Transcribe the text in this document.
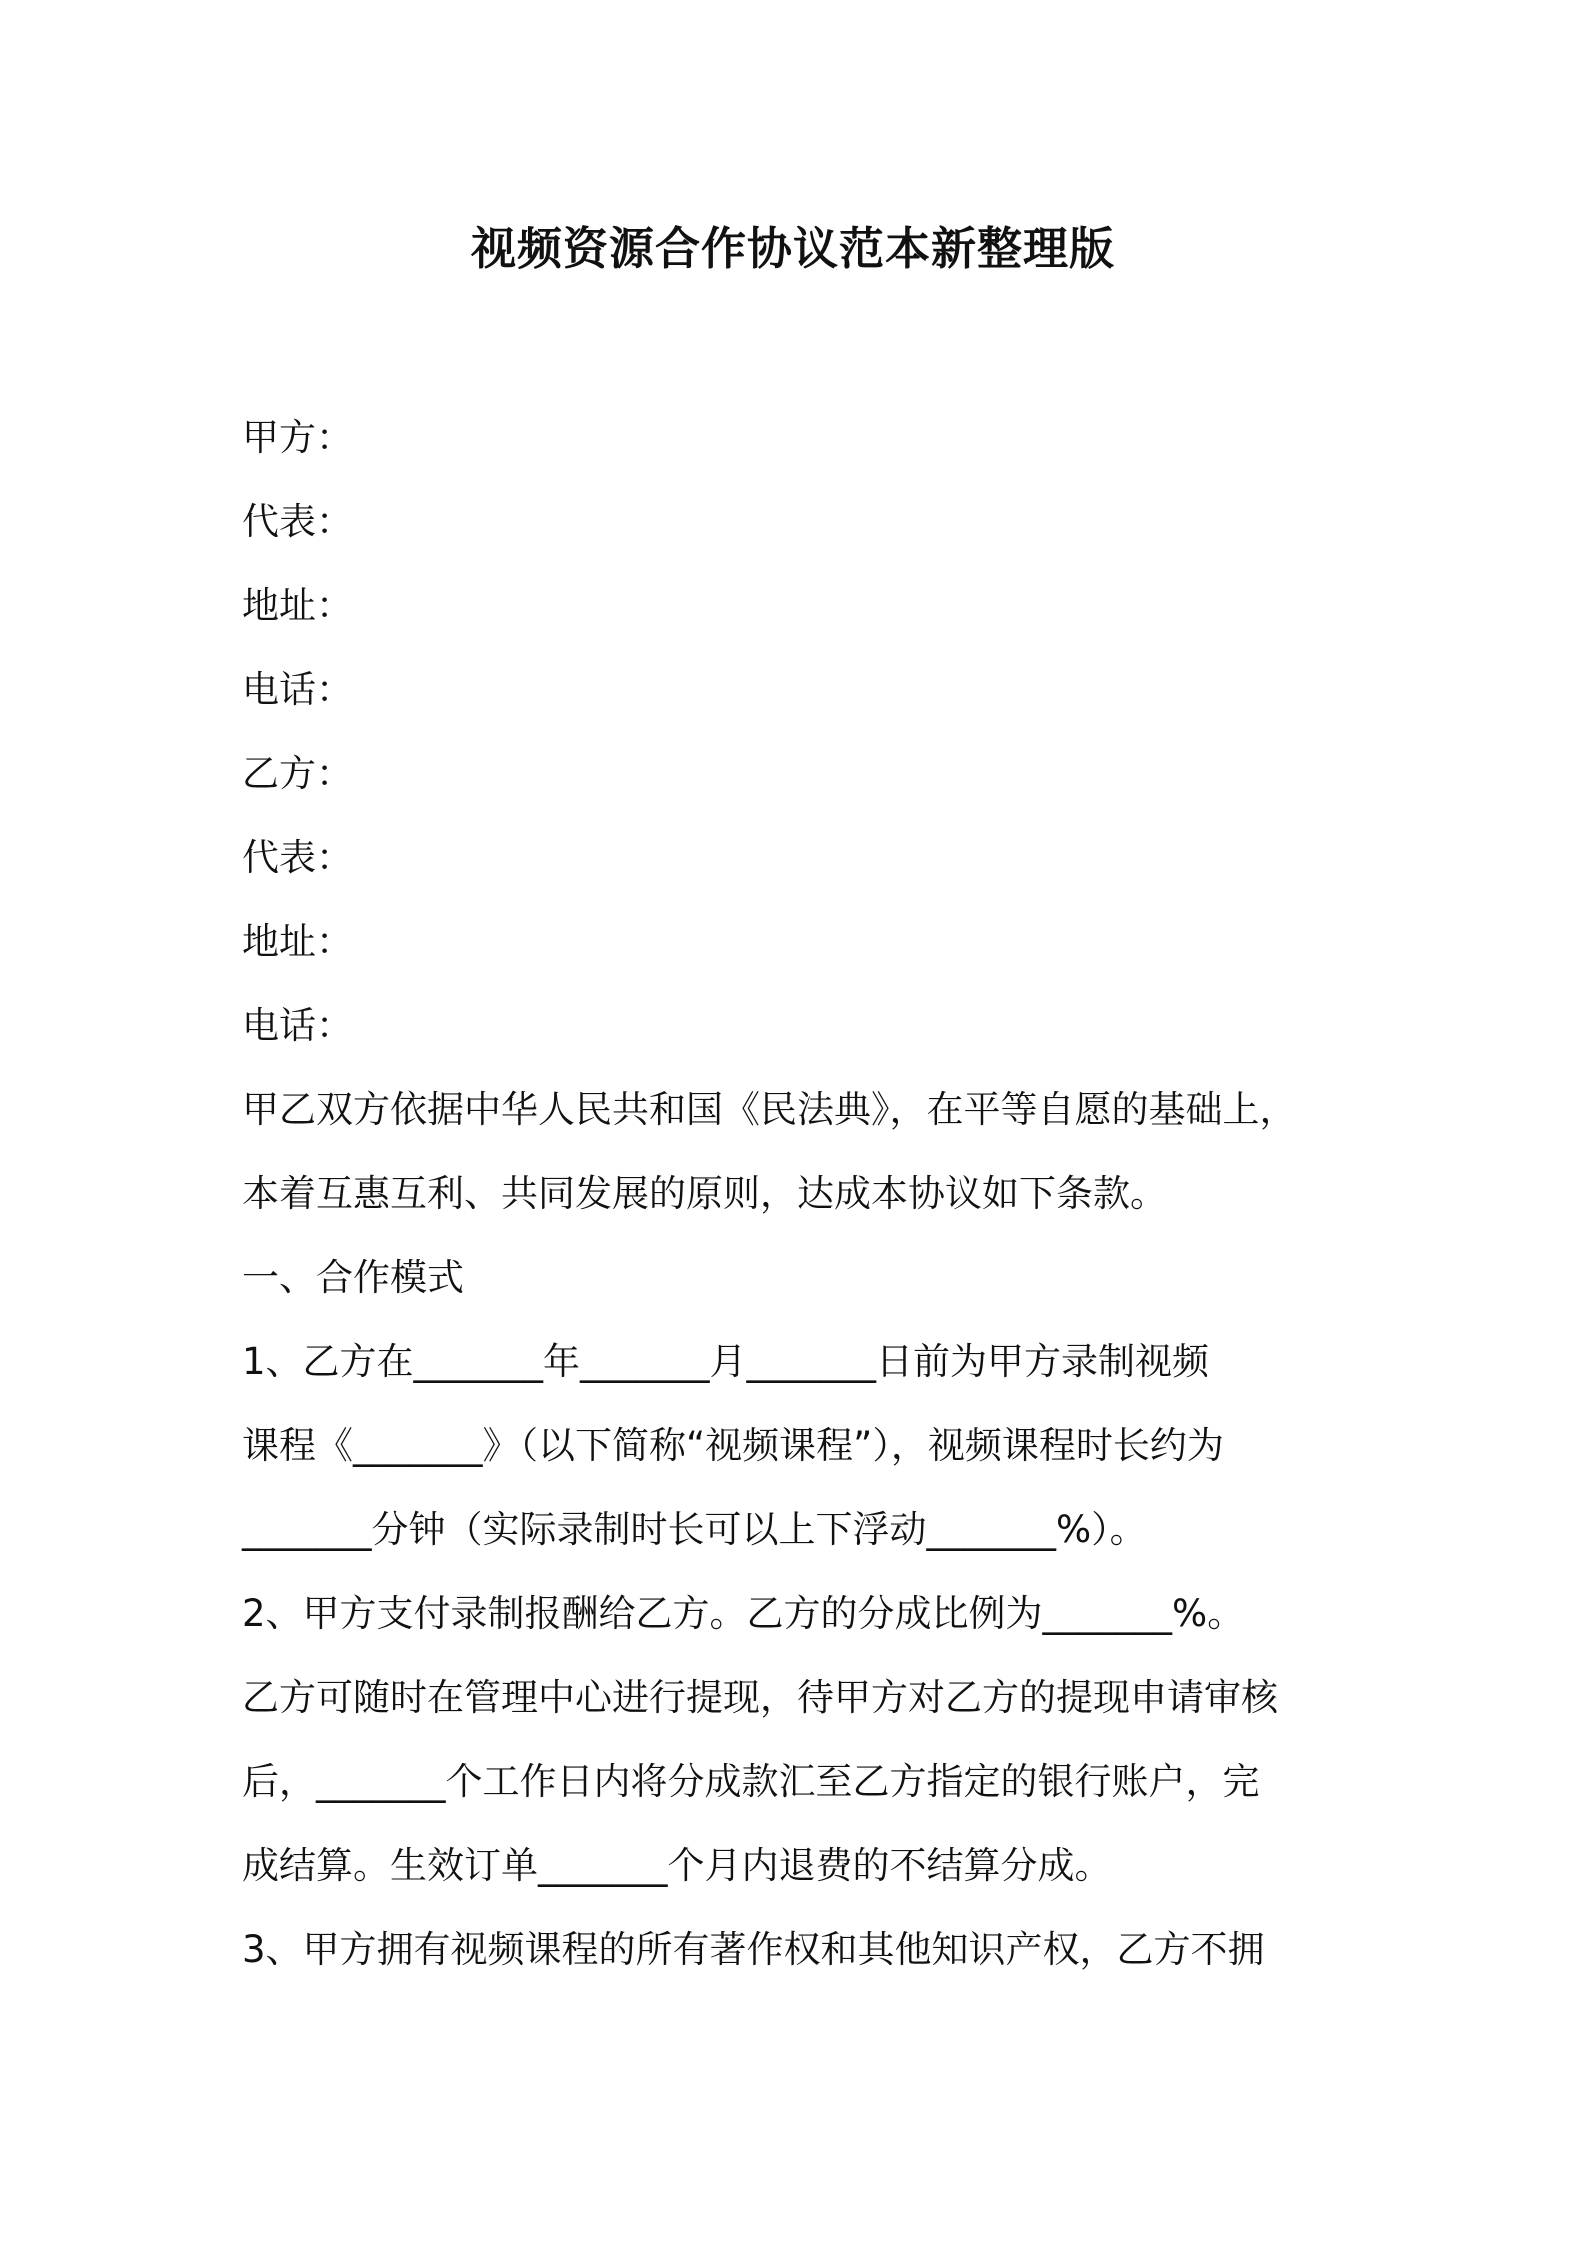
视频资源合作协议范本新整理版

甲方：

代表：

地址：

电话：

乙方：

代表：

地址：

电话：

甲乙双方依据中华人民共和国《民法典》，在平等自愿的基础上，

本着互惠互利、共同发展的原则，达成本协议如下条款。

一、合作模式

1、乙方在_______年_______月_______日前为甲方录制视频

课程《_______》（以下简称“视频课程”），视频课程时长约为

_______分钟（实际录制时长可以上下浮动_______%）。

2、甲方支付录制报酬给乙方。乙方的分成比例为_______%。

乙方可随时在管理中心进行提现，待甲方对乙方的提现申请审核

后，_______个工作日内将分成款汇至乙方指定的银行账户，完

成结算。生效订单_______个月内退费的不结算分成。

3、甲方拥有视频课程的所有著作权和其他知识产权，乙方不拥
